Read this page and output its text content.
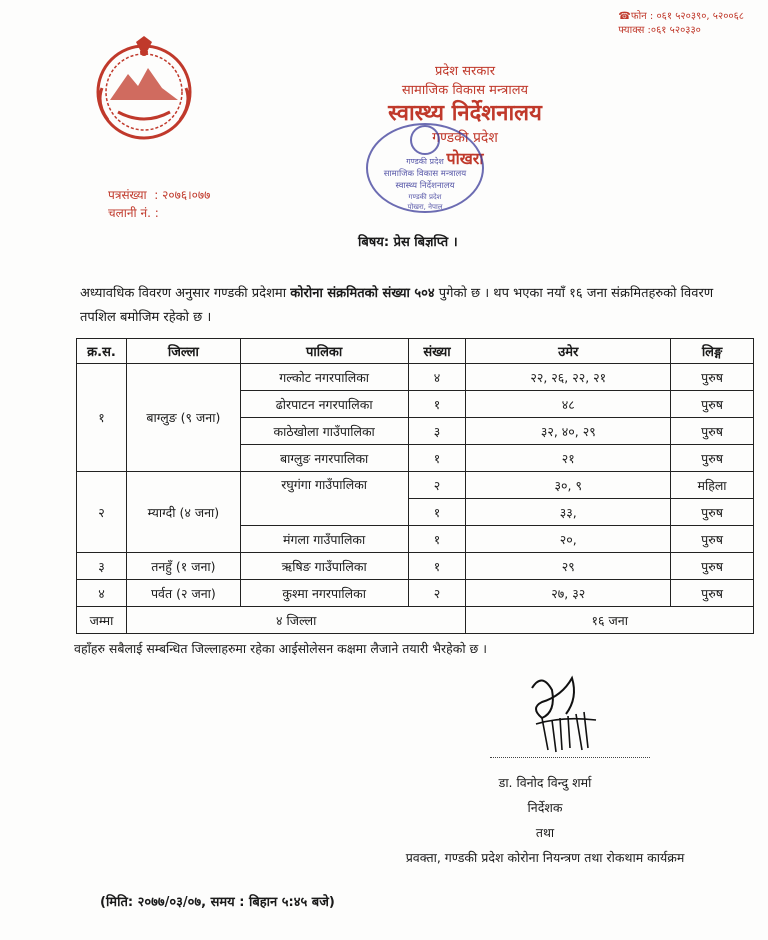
☎फोन : ०६१ ५२०३९०, ५२००६८
फ्याक्स :०६१ ५२०३३०
प्रदेश सरकार
सामाजिक विकास मन्त्रालय
स्वास्थ्य निर्देशनालय
गण्डकी प्रदेश
पोखरा
गण्डकी प्रदेश
सामाजिक विकास मन्त्रालय
स्वास्थ्य निर्देशनालय
गण्डकी प्रदेश
पोखरा, नेपाल
पत्रसंख्या : २०७६।०७७
चलानी नं. :
बिषय: प्रेस बिज्ञप्ति ।
अध्यावधिक विवरण अनुसार गण्डकी प्रदेशमा कोरोना संक्रमितको संख्या ५०४ पुगेको छ । थप भएका नयाँ १६ जना संक्रमितहरुको विवरण तपशिल बमोजिम रहेको छ ।
क्र.स.	जिल्ला	पालिका	संख्या	उमेर	लिङ्ग
१	बाग्लुङ (९ जना)	गल्कोट नगरपालिका	४	२२, २६, २२, २१	पुरुष
		ढोरपाटन नगरपालिका	१	४८	पुरुष
		काठेखोला गाउँपालिका	३	३२, ४०, २९	पुरुष
		बाग्लुङ नगरपालिका	१	२१	पुरुष
२	म्याग्दी (४ जना)	रघुगंगा गाउँपालिका	२	३०, ९	महिला
			१	३३,	पुरुष
		मंगला गाउँपालिका	१	२०,	पुरुष
३	तनहुँ (१ जना)	ऋषिङ गाउँपालिका	१	२९	पुरुष
४	पर्वत (२ जना)	कुश्मा नगरपालिका	२	२७, ३२	पुरुष
जम्मा	४ जिल्ला			१६ जना	
वहाँहरु सबैलाई सम्बन्धित जिल्लाहरुमा रहेका आईसोलेसन कक्षमा लैजाने तयारी भैरहेको छ ।
डा. विनोद विन्दु शर्मा
निर्देशक
तथा
प्रवक्ता, गण्डकी प्रदेश कोरोना नियन्त्रण तथा रोकथाम कार्यक्रम
(मिति: २०७७/०३/०७, समय : बिहान ५:४५ बजे)
